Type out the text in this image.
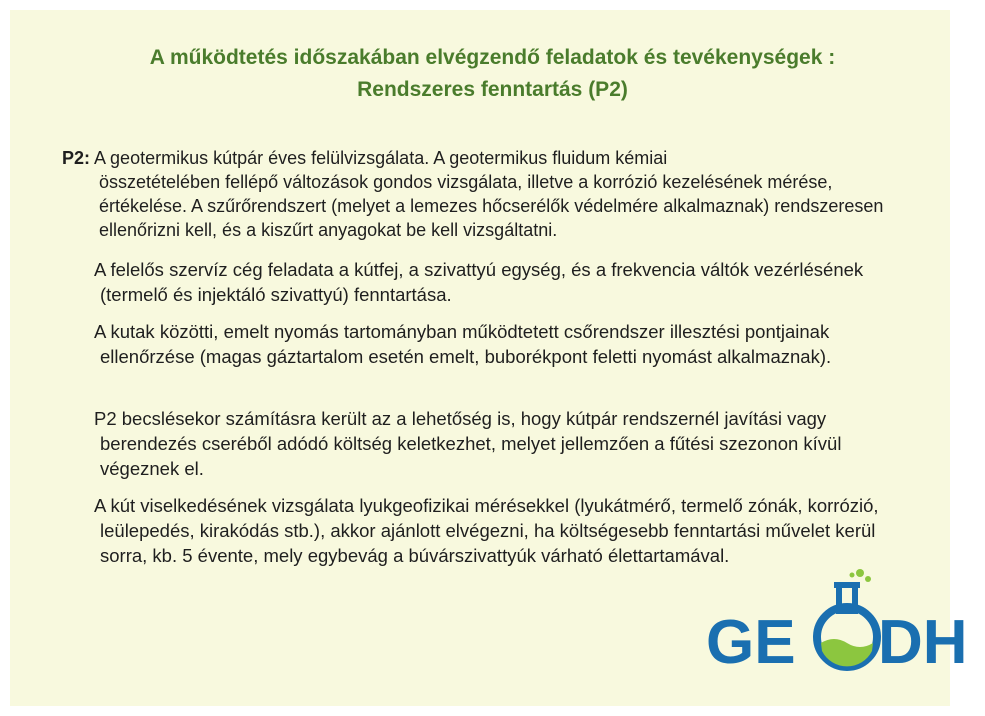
A működtetés időszakában elvégzendő feladatok és tevékenységek :
Rendszeres fenntartás (P2)
P2: A geotermikus kútpár éves felülvizsgálata. A geotermikus fluidum kémiai
összetételében fellépő változások gondos vizsgálata, illetve a korrózió kezelésének mérése, értékelése. A szűrőrendszert (melyet a lemezes hőcserélők védelmére alkalmaznak) rendszeresen ellenőrizni kell, és a kiszűrt anyagokat be kell vizsgáltatni.
A felelős szervíz cég feladata a kútfej, a szivattyú egység, és a frekvencia váltók vezérlésének (termelő és injektáló szivattyú) fenntartása.
A kutak közötti, emelt nyomás tartományban működtetett csőrendszer illesztési pontjainak ellenőrzése (magas gáztartalom esetén emelt, buborékpont feletti nyomást alkalmaznak).
P2 becslésekor számításra került az a lehetőség is, hogy kútpár rendszernél javítási vagy berendezés cseréből adódó költség keletkezhet, melyet jellemzően a fűtési szezonon kívül végeznek el.
A kút viselkedésének vizsgálata lyukgeofizikai mérésekkel (lyukátmérő, termelő zónák, korrózió, leülepedés, kirakódás stb.), akkor ajánlott elvégezni, ha költségesebb fenntartási művelet kerül sorra, kb. 5 évente, mely egybevág a búvárszivattyúk várható élettartamával.
GE DH
